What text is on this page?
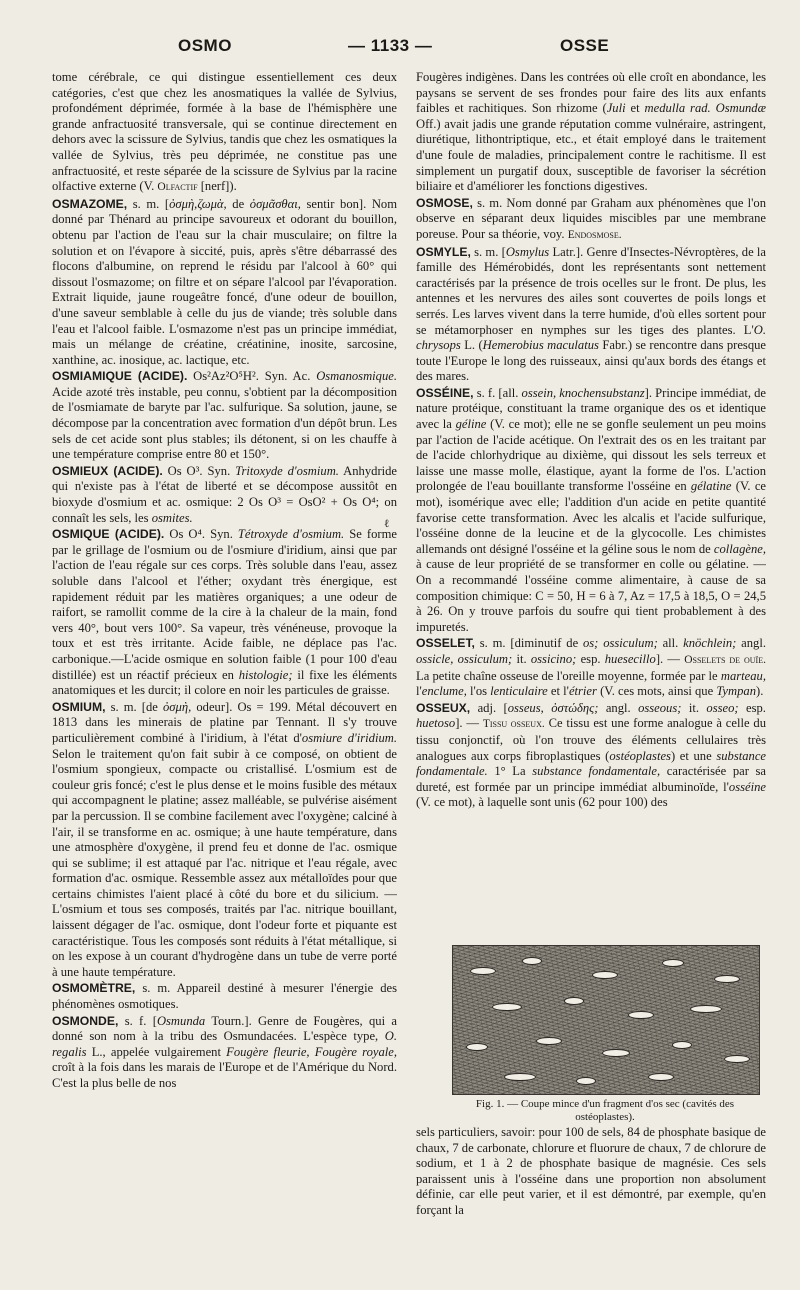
OSMO	— 1133 —	OSSE

tome cérébrale, ce qui distingue essentiellement ces deux catégories, c'est que chez les anosmatiques la vallée de Sylvius, profondément déprimée, formée à la base de l'hémisphère une grande anfractuosité transversale, qui se continue directement en dehors avec la scissure de Sylvius, tandis que chez les osmatiques la vallée de Sylvius, très peu déprimée, ne constitue pas une anfractuosité, et reste séparée de la scissure de Sylvius par la racine olfactive externe (V. Olfactif [nerf]).

OSMAZOME, s. m. [ὀσμὴ,ζωμὰ, de ὀσμᾶσθαι, sentir bon]. Nom donné par Thénard au principe savoureux et odorant du bouillon, obtenu par l'action de l'eau sur la chair musculaire; on filtre la solution et on l'évapore à siccité, puis, après s'être débarrassé des flocons d'albumine, on reprend le résidu par l'alcool à 60° qui dissout l'osmazome; on filtre et on sépare l'alcool par l'évaporation. Extrait liquide, jaune rougeâtre foncé, d'une odeur de bouillon, d'une saveur semblable à celle du jus de viande; très soluble dans l'eau et l'alcool faible. L'osmazome n'est pas un principe immédiat, mais un mélange de créatine, créatinine, inosite, sarcosine, xanthine, ac. inosique, ac. lactique, etc.

OSMIAMIQUE (ACIDE). Os²Az²O⁵H². Syn. Ac. Osmanosmique. Acide azoté très instable, peu connu, s'obtient par la décomposition de l'osmiamate de baryte par l'ac. sulfurique. Sa solution, jaune, se décompose par la concentration avec formation d'un dépôt brun. Les sels de cet acide sont plus stables; ils détonent, si on les chauffe à une température comprise entre 80 et 150°.

OSMIEUX (ACIDE). Os O³. Syn. Tritoxyde d'osmium. Anhydride qui n'existe pas à l'état de liberté et se décompose aussitôt en bioxyde d'osmium et ac. osmique: 2 Os O³ = OsO² + Os O⁴; on connaît les sels, les osmites.

OSMIQUE (ACIDE). Os O⁴. Syn. Tétroxyde d'osmium. Se forme par le grillage de l'osmium ou de l'osmiure d'iridium, ainsi que par l'action de l'eau régale sur ces corps. Très soluble dans l'eau, assez soluble dans l'alcool et l'éther; oxydant très énergique, est rapidement réduit par les matières organiques; a une odeur de raifort, se ramollit comme de la cire à la chaleur de la main, fond vers 40°, bout vers 100°. Sa vapeur, très vénéneuse, provoque la toux et est très irritante. Acide faible, ne déplace pas l'ac. carbonique.—L'acide osmique en solution faible (1 pour 100 d'eau distillée) est un réactif précieux en histologie; il fixe les éléments anatomiques et les durcit; il colore en noir les particules de graisse.

OSMIUM, s. m. [de ὀσμὴ, odeur]. Os = 199. Métal découvert en 1813 dans les minerais de platine par Tennant. Il s'y trouve particulièrement combiné à l'iridium, à l'état d'osmiure d'iridium. Selon le traitement qu'on fait subir à ce composé, on obtient de l'osmium spongieux, compacte ou cristallisé. L'osmium est de couleur gris foncé; c'est le plus dense et le moins fusible des métaux qui accompagnent le platine; assez malléable, se pulvérise aisément par la percussion. Il se combine facilement avec l'oxygène; calciné à l'air, il se transforme en ac. osmique; à une haute température, dans une atmosphère d'oxygène, il prend feu et donne de l'ac. osmique qui se sublime; il est attaqué par l'ac. nitrique et l'eau régale, avec formation d'ac. osmique. Ressemble assez aux métalloïdes pour que certains chimistes l'aient placé à côté du bore et du silicium. — L'osmium et tous ses composés, traités par l'ac. nitrique bouillant, laissent dégager de l'ac. osmique, dont l'odeur forte et piquante est caractéristique. Tous les composés sont réduits à l'état métallique, si on les expose à un courant d'hydrogène dans un tube de verre porté à une haute température.

OSMOMÈTRE, s. m. Appareil destiné à mesurer l'énergie des phénomènes osmotiques.

OSMONDE, s. f. [Osmunda Tourn.]. Genre de Fougères, qui a donné son nom à la tribu des Osmundacées. L'espèce type, O. regalis L., appelée vulgairement Fougère fleurie, Fougère royale, croît à la fois dans les marais de l'Europe et de l'Amérique du Nord. C'est la plus belle de nos

ℓ

Fougères indigènes. Dans les contrées où elle croît en abondance, les paysans se servent de ses frondes pour faire des lits aux enfants faibles et rachitiques. Son rhizome (Juli et medulla rad. Osmundæ Off.) avait jadis une grande réputation comme vulnéraire, astringent, diurétique, lithontriptique, etc., et était employé dans le traitement d'une foule de maladies, principalement contre le rachitisme. Il est simplement un purgatif doux, susceptible de favoriser la sécrétion biliaire et d'améliorer les fonctions digestives.

OSMOSE, s. m. Nom donné par Graham aux phénomènes que l'on observe en séparant deux liquides miscibles par une membrane poreuse. Pour sa théorie, voy. Endosmose.

OSMYLE, s. m. [Osmylus Latr.]. Genre d'Insectes-Névroptères, de la famille des Hémérobidés, dont les représentants sont nettement caractérisés par la présence de trois ocelles sur le front. De plus, les antennes et les nervures des ailes sont couvertes de poils longs et serrés. Les larves vivent dans la terre humide, d'où elles sortent pour se métamorphoser en nymphes sur les tiges des plantes. L'O. chrysops L. (Hemerobius maculatus Fabr.) se rencontre dans presque toute l'Europe le long des ruisseaux, ainsi qu'aux bords des étangs et des mares.

OSSÉINE, s. f. [all. ossein, knochensubstanz]. Principe immédiat, de nature protéique, constituant la trame organique des os et identique avec la géline (V. ce mot); elle ne se gonfle seulement un peu moins par l'action de l'acide acétique. On l'extrait des os en les traitant par de l'acide chlorhydrique au dixième, qui dissout les sels terreux et laisse une masse molle, élastique, ayant la forme de l'os. L'action prolongée de l'eau bouillante transforme l'osséine en gélatine (V. ce mot), isomérique avec elle; l'addition d'un acide en petite quantité favorise cette transformation. Avec les alcalis et l'acide sulfurique, l'osséine donne de la leucine et de la glycocolle. Les chimistes allemands ont désigné l'osséine et la géline sous le nom de collagène, à cause de leur propriété de se transformer en colle ou gélatine. — On a recommandé l'osséine comme alimentaire, à cause de sa composition chimique: C = 50, H = 6 à 7, Az = 17,5 à 18,5, O = 24,5 à 26. On y trouve parfois du soufre qui tient probablement à des impuretés.

OSSELET, s. m. [diminutif de os; ossiculum; all. knöchlein; angl. ossicle, ossiculum; it. ossicino; esp. huesecillo]. — Osselets de ouïe. La petite chaîne osseuse de l'oreille moyenne, formée par le marteau, l'enclume, l'os lenticulaire et l'étrier (V. ces mots, ainsi que Tympan).

OSSEUX, adj. [osseus, ὀστώδης; angl. osseous; it. osseo; esp. huetoso]. — Tissu osseux. Ce tissu est une forme analogue à celle du tissu conjonctif, où l'on trouve des éléments cellulaires très analogues aux corps fibroplastiques (ostéoplastes) et une substance fondamentale. 1° La substance fondamentale, caractérisée par sa dureté, est formée par un principe immédiat albuminoïde, l'osséine (V. ce mot), à laquelle sont unis (62 pour 100) des

Fig. 1. — Coupe mince d'un fragment d'os sec (cavités des ostéoplastes).

sels particuliers, savoir: pour 100 de sels, 84 de phosphate basique de chaux, 7 de carbonate, chlorure et fluorure de chaux, 7 de chlorure de sodium, et 1 à 2 de phosphate basique de magnésie. Ces sels paraissent unis à l'osséine dans une proportion non absolument définie, car elle peut varier, et il est démontré, par exemple, qu'en forçant la
